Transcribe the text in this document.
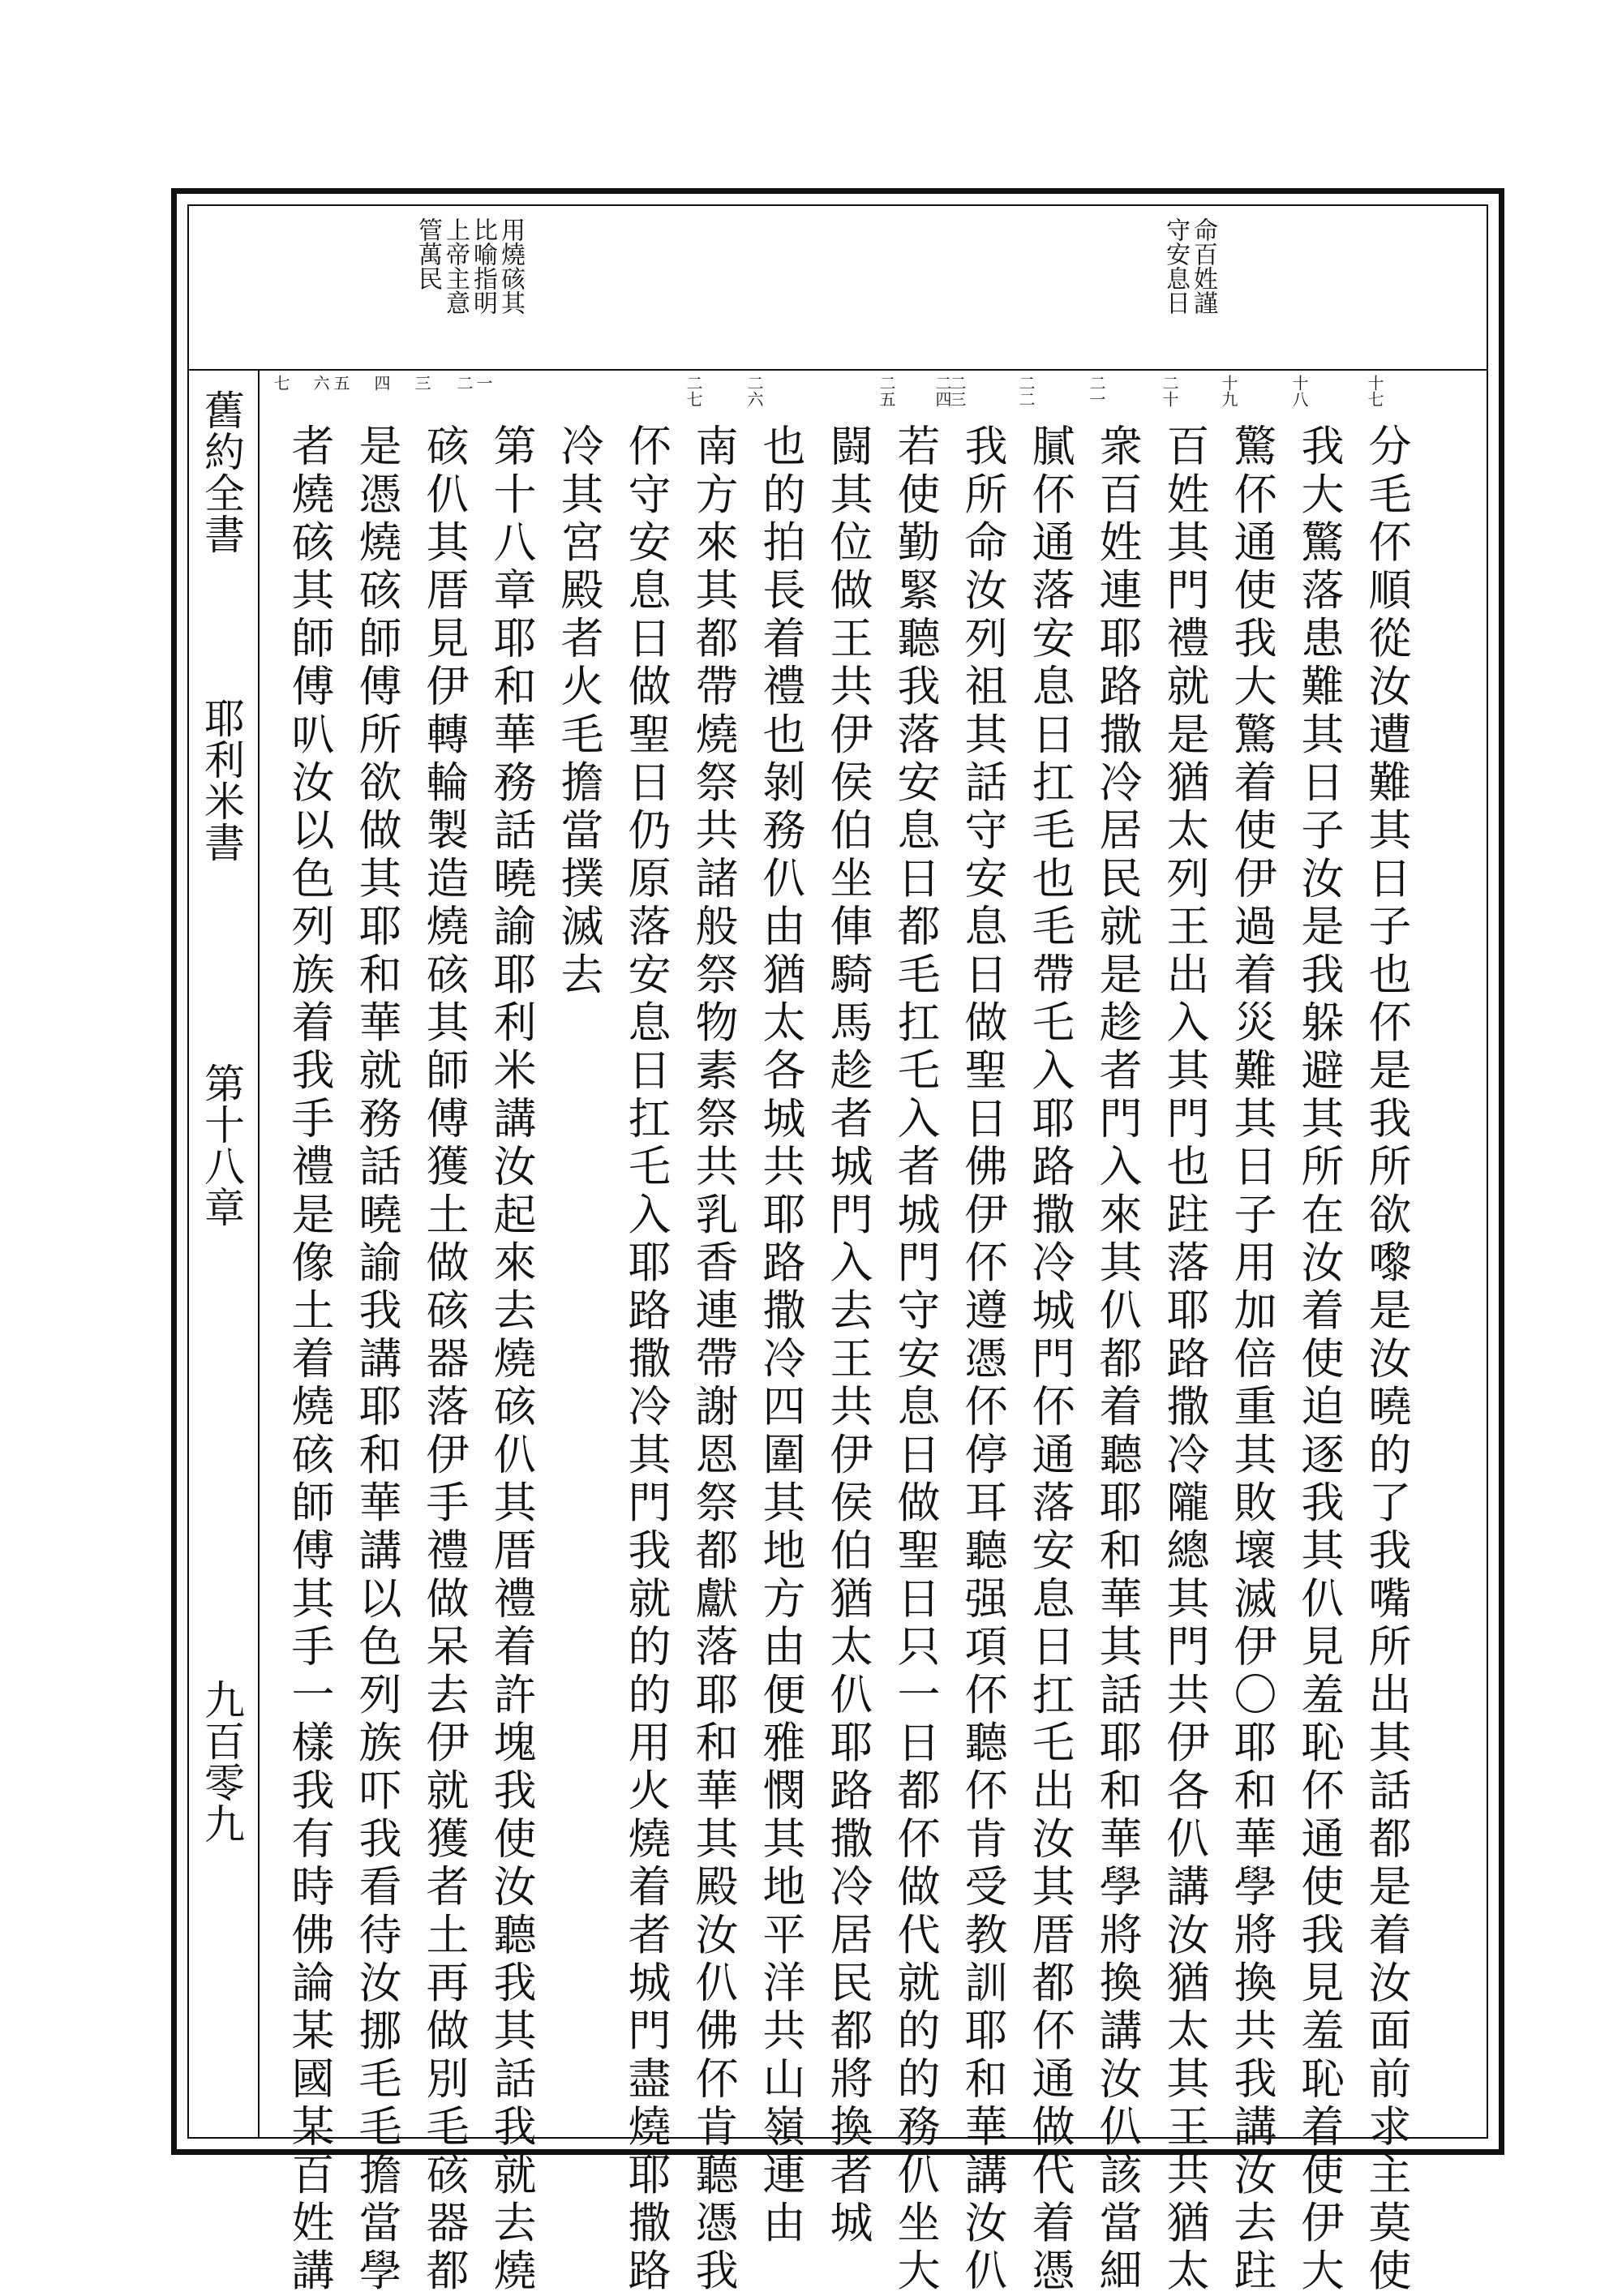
命百姓謹
守安息日
用燒硋其
比喻指明
上帝主意
管萬民
十七
十八
十九
二十
二一
二二
二三
二四
二五
二六
二七
一
二
三
四
五
六
七
分毛伓順從汝遭難其日子也伓是我所欲嚟是汝曉的了我嘴所出其話都是着汝面前求主莫使
我大驚落患難其日子汝是我躲避其所在汝着使迫逐我其仈見羞恥伓通使我見羞恥着使伊大
驚伓通使我大驚着使伊過着災難其日子用加倍重其敗壞滅伊〇耶和華學將換共我講汝去跓
百姓其門禮就是猶太列王出入其門也跓落耶路撒冷隴總其門共伊各仈講汝猶太其王共猶太
衆百姓連耶路撒冷居民就是趁者門入來其仈都着聽耶和華其話耶和華學將換講汝仈該當細
膩伓通落安息日扛毛也毛帶乇入耶路撒冷城門伓通落安息日扛乇出汝其厝都伓通做代着憑
我所命汝列祖其話守安息日做聖日佛伊伓遵憑伓停耳聽强項伓聽伓肯受教訓耶和華講汝仈
若使勤緊聽我落安息日都毛扛乇入者城門守安息日做聖日只一日都伓做代就的的務仈坐大
闘其位做王共伊侯伯坐俥騎馬趁者城門入去王共伊侯伯猶太仈耶路撒冷居民都將換者城
也的拍長着禮也剝務仈由猶太各城共耶路撒冷四圍其地方由便雅憫其地平洋共山嶺連由
南方來其都帶燒祭共諸般祭物素祭共乳香連帶謝恩祭都獻落耶和華其殿汝仈佛伓肯聽憑我
伓守安息日做聖日仍原落安息日扛乇入耶路撒冷其門我就的的用火燒着者城門盡燒耶撒路
冷其宮殿者火毛擔當撲滅去
第十八章耶和華務話曉諭耶利米講汝起來去燒硋仈其厝禮着許塊我使汝聽我其話我就去燒
硋仈其厝見伊轉輪製造燒硋其師傅獲土做硋器落伊手禮做呆去伊就獲者土再做別毛硋器都
是憑燒硋師傅所欲做其耶和華就務話曉諭我講耶和華講以色列族吓我看待汝挪毛毛擔當學
者燒硋其師傅叭汝以色列族着我手禮是像土着燒硋師傅其手一樣我有時佛論某國某百姓講
舊約全書
耶利米書
第十八章
九百零九
